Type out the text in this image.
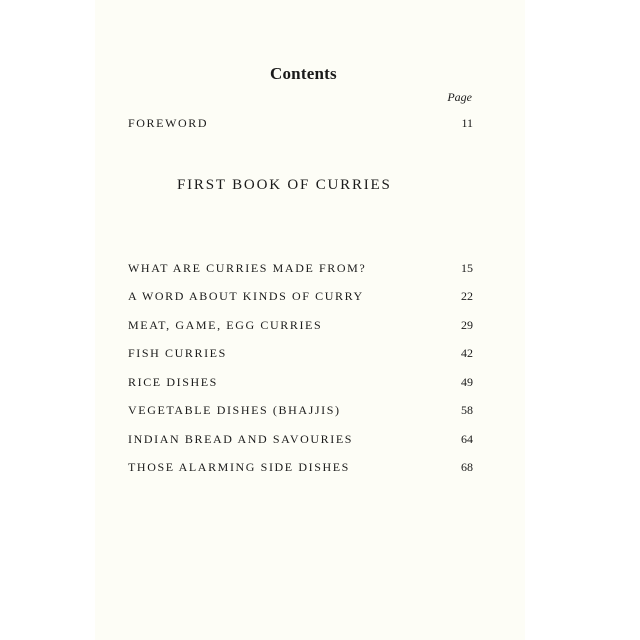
Contents
Page
FOREWORD	11
FIRST BOOK OF CURRIES
WHAT ARE CURRIES MADE FROM?	15
A WORD ABOUT KINDS OF CURRY	22
MEAT, GAME, EGG CURRIES	29
FISH CURRIES	42
RICE DISHES	49
VEGETABLE DISHES (BHAJJIS)	58
INDIAN BREAD AND SAVOURIES	64
THOSE ALARMING SIDE DISHES	68
